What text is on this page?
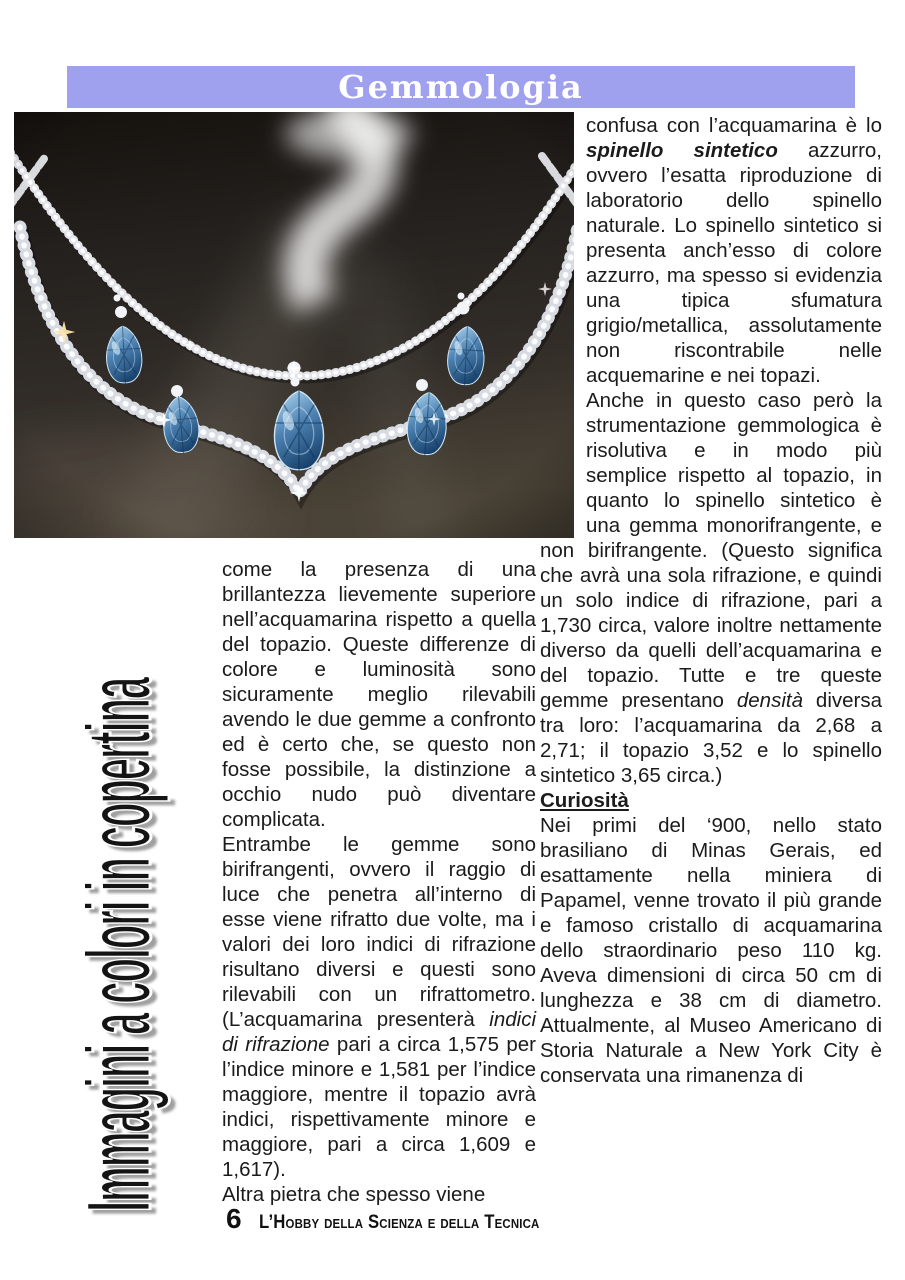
Gemmologia
Immagini a colori in copertina

come la presenza di una brillantezza lievemente superiore nell’acquamarina rispetto a quella del topazio. Queste differenze di colore e luminosità sono sicuramente meglio rilevabili avendo le due gemme a confronto ed è certo che, se questo non fosse possibile, la distinzione a occhio nudo può diventare complicata.

Entrambe le gemme sono birifrangenti, ovvero il raggio di luce che penetra all’interno di esse viene rifratto due volte, ma i valori dei loro indici di rifrazione risultano diversi e questi sono rilevabili con un rifrattometro. (L’acquamarina presenterà indici di rifrazione pari a circa 1,575 per l’indice minore e 1,581 per l’indice maggiore, mentre il topazio avrà indici, rispettivamente minore e maggiore, pari a circa 1,609 e 1,617).

Altra pietra che spesso viene

confusa con l’acquamarina è lo spinello sintetico azzurro, ovvero l’esatta riproduzione di laboratorio dello spinello naturale. Lo spinello sintetico si presenta anch’esso di colore azzurro, ma spesso si evidenzia una tipica sfumatura grigio/metallica, assolutamente non riscontrabile nelle acquemarine e nei topazi.

Anche in questo caso però la strumentazione gemmologica è risolutiva e in modo più semplice rispetto al topazio, in quanto lo spinello sintetico è una gemma monorifrangente, e non birifrangente. (Questo significa che avrà una sola rifrazione, e quindi un solo indice di rifrazione, pari a 1,730 circa, valore inoltre nettamente diverso da quelli dell’acquamarina e del topazio. Tutte e tre queste gemme presentano densità diversa tra loro: l’acquamarina da 2,68 a 2,71; il topazio 3,52 e lo spinello sintetico 3,65 circa.)

Curiosità

Nei primi del ‘900, nello stato brasiliano di Minas Gerais, ed esattamente nella miniera di Papamel, venne trovato il più grande e famoso cristallo di acquamarina dello straordinario peso 110 kg. Aveva dimensioni di circa 50 cm di lunghezza e 38 cm di diametro. Attualmente, al Museo Americano di Storia Naturale a New York City è conservata una rimanenza di

6 L’Hobby della Scienza e della Tecnica
